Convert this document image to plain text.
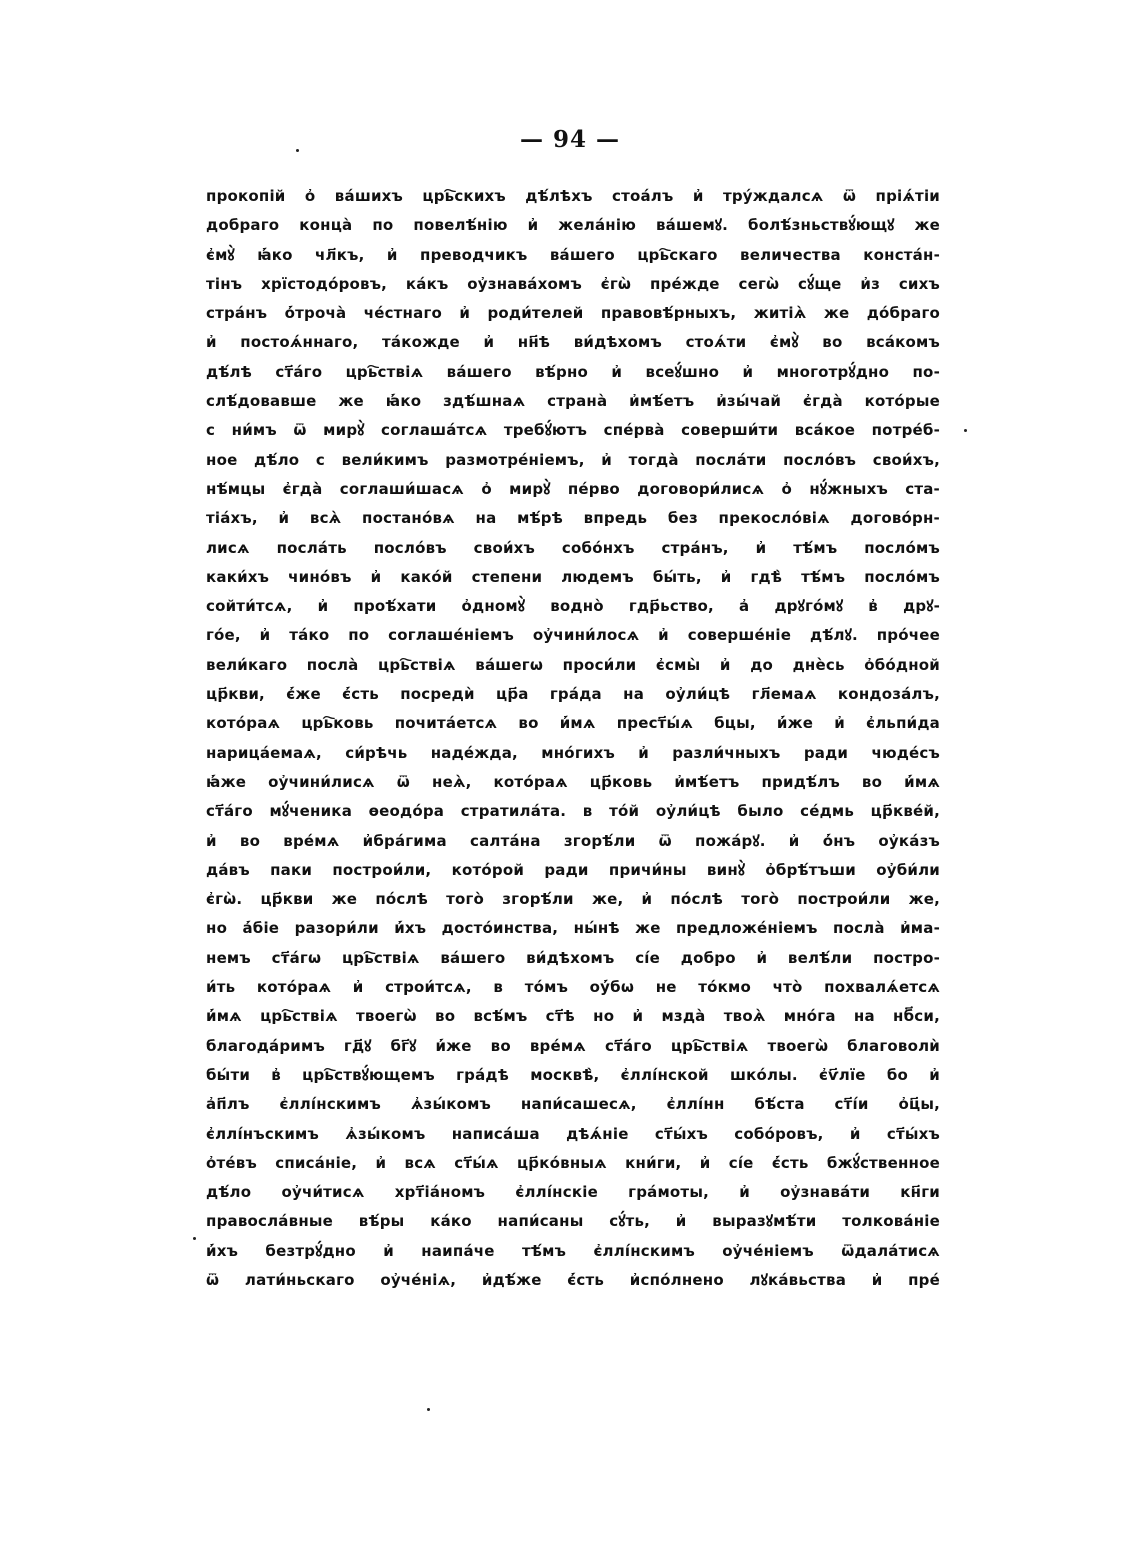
— 94 —
прокопій о҆ ва́шихъ црь҇скихъ дѣ́лѣхъ стоа́лъ и҆ тру́ждалсѧ ѿ пріѧ́тіи
добраго конца̀ по повелѣ́нію и҆ жела́нію ва́шемꙋ. болѣ́зньствꙋ́ющꙋ же
є҆мꙋ̀ ꙗ҆́ко чл҃къ, и҆ преводчикъ ва́шего црь҇скаго величества конста́н-
тінъ хрїстодо́ровъ, ка́къ оу҆знава́хомъ є҆гѡ̀ пре́жде сегѡ̀ сꙋ́ще и҆з сихъ
стра́нъ о҆́трочà че́стнаго и҆ роди́телей правовѣ́рныхъ, житіѧ̀ же до́браго
и҆ постоѧ́ннаго, та́кожде и҆ нн҃ѣ ви́дѣхомъ стоѧ́ти є҆мꙋ̀ во вса́комъ
дѣ́лѣ ст҃а́го црь҇ствіѧ ва́шего вѣ́рно и҆ всеꙋ́шно и҆ многотрꙋ́дно по-
слѣ́довавше же ꙗ҆́ко здѣ́шнаѧ страна̀ и҆мѣ́етъ и҆зы́чай є҆гда̀ кото́рые
с ни́мъ ѿ мирꙋ̀ соглаша́тсѧ требꙋ́ютъ спе́рва̀ соверши́ти вса́кое потре́б-
ное дѣ́ло с вели́кимъ размотре́ніемъ, и҆ тогда̀ посла́ти посло́въ свои́хъ,
нѣ́мцы є҆гда̀ соглаши́шасѧ о҆ мирꙋ̀ пе́рво договори́лисѧ о҆ нꙋ́жныхъ ста-
тіа́хъ, и҆ всѧ̀ постано́вѧ на мѣ́рѣ впредь без прекосло́віѧ догово́рн-
лисѧ посла́ть посло́въ свои́хъ собо́нхъ стра́нъ, и҆ тѣ́мъ посло́мъ
каки́хъ чино́въ и҆ како́й степени людемъ бы́ть, и҆ гдѣ̀ тѣ́мъ посло́мъ
сойти́тсѧ, и҆ проѣ́хати о҆дномꙋ̀ водно̀ гдр҃ьство, а҆ дрꙋго́мꙋ в҆ дрꙋ-
го́е, и҆ та́ко по соглаше́ніемъ оу҆чини́лосѧ и҆ соверше́ніе дѣ́лꙋ. про́чее
вели́каго посла̀ црь҇ствіѧ ва́шегѡ проси́ли є҆смы̀ и҆ до днѐсь о҆бо́дной
цр҃кви, є҆́же є҆́сть посредѝ цр҃а гра́да на оу҆ли́цѣ гл҃емаѧ кондоза́лъ,
кото́раѧ црь҇ковь почита́етсѧ во и҆́мѧ прест҃ы́ѧ бцы, и҆́же и҆ є҆льпи́да
нарица́емаѧ, си́рѣчь наде́жда, мно́гихъ и҆ разли́чныхъ ради чюде́съ
ꙗ҆́же оу҆чини́лисѧ ѿ неѧ̀, кото́раѧ цр҃ковь и҆мѣ́етъ придѣ́лъ во и҆́мѧ
ст҃а́го мꙋ́ченика ѳеодо́ра стратила́та. в то́й оу҆ли́цѣ было се́дмь цр҃кве́й,
и҆ во вре́мѧ и҆бра́гима салта́на згорѣ́ли ѿ пожа́рꙋ. и҆ о҆́нъ оу҆ка́зъ
да́въ паки построи́ли, кото́рой ради причи́ны винꙋ̀ о҆брѣ́тъши оу҆би́ли
є҆гѡ̀. цр҃кви же по́слѣ того̀ згорѣ́ли же, и҆ по́слѣ того̀ построи́ли же,
но а҆́біе разори́ли и҆́хъ досто́инства, ны́нѣ же предложе́ніемъ посла̀ и҆ма-
немъ ст҃а́гѡ црь҇ствіѧ ва́шего ви́дѣхомъ сі́е добро и҆ велѣ́ли постро-
и́ть кото́раѧ и҆ строи́тсѧ, в то́мъ оу҆́бѡ не то́кмо что̀ похвалѧ́етсѧ
и҆́мѧ црь҇ствіѧ твоегѡ̀ во всѣ́мъ ст҃ѣ но и҆ мзда̀ твоѧ̀ мно́га на нб҃си,
благода́римъ гд҃ꙋ бг҃ꙋ и҆́же во вре́мѧ ст҃а́го црь҇ствіѧ твоегѡ̀ благоволѝ
бы́ти в҆ црь҇ствꙋ́ющемъ гра́дѣ москвѣ̀, є҆ллі́нской шко́лы. є҆ѵ҃лїе бо и҆
а҆п҃лъ є҆ллі́нскимъ ѧ҆зы́комъ напи́сашесѧ, є҆ллі́нн бѣ́ста ст҃і́и о҆ц҃ы,
є҆ллі́нъскимъ ѧ҆зы́комъ написа́ша дѣѧ́ніе ст҃ы́хъ собо́ровъ, и҆ ст҃ы́хъ
о҆те́въ списа́ніе, и҆ всѧ ст҃ы́ѧ цр҃ко́вныѧ кни́ги, и҆ сі́е є҆́сть бжꙋ́ственное
дѣ́ло оу҆чи́тисѧ хрт҃іа́номъ є҆ллі́нскіе гра́моты, и҆ оу҆знава́ти кн҃ги
правосла́вные вѣ́ры ка́ко напи́саны сꙋ́ть, и҆ выразꙋмѣ́ти толкова́ніе
и҆́хъ безтрꙋ́дно и҆ наипа́че тѣ́мъ є҆ллі́нскимъ оу҆че́ніемъ ѿдала́тисѧ
ѿ лати́ньскаго оу҆че́ніѧ, и҆дѣ́же є҆́сть и҆спо́лнено лꙋка́вьства и҆ пре́
